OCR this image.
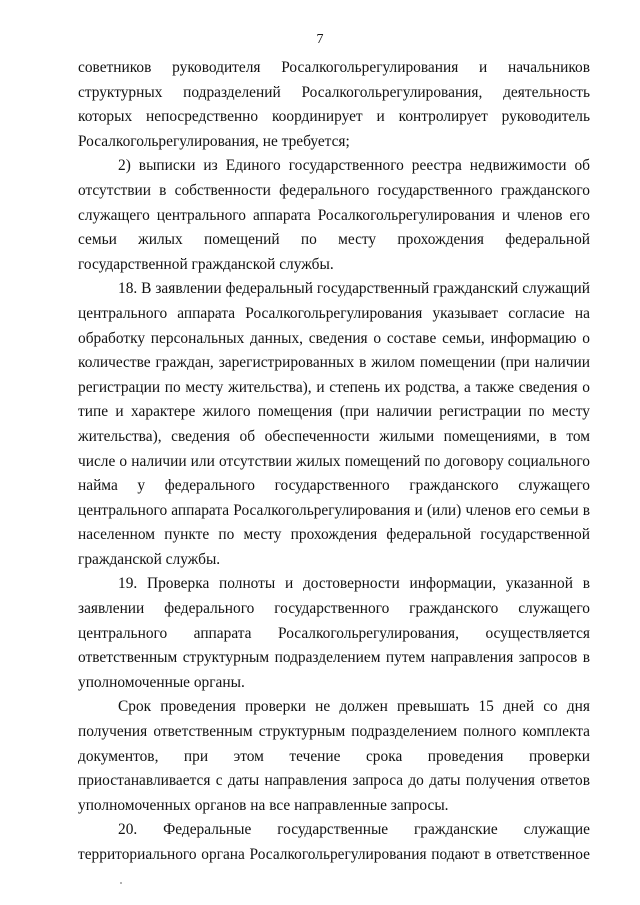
7

советников руководителя Росалкогольрегулирования и начальников структурных подразделений Росалкогольрегулирования, деятельность которых непосредственно координирует и контролирует руководитель Росалкогольрегулирования, не требуется;

2) выписки из Единого государственного реестра недвижимости об отсутствии в собственности федерального государственного гражданского служащего центрального аппарата Росалкогольрегулирования и членов его семьи жилых помещений по месту прохождения федеральной государственной гражданской службы.

18. В заявлении федеральный государственный гражданский служащий центрального аппарата Росалкогольрегулирования указывает согласие на обработку персональных данных, сведения о составе семьи, информацию о количестве граждан, зарегистрированных в жилом помещении (при наличии регистрации по месту жительства), и степень их родства, а также сведения о типе и характере жилого помещения (при наличии регистрации по месту жительства), сведения об обеспеченности жилыми помещениями, в том числе о наличии или отсутствии жилых помещений по договору социального найма у федерального государственного гражданского служащего центрального аппарата Росалкогольрегулирования и (или) членов его семьи в населенном пункте по месту прохождения федеральной государственной гражданской службы.

19. Проверка полноты и достоверности информации, указанной в заявлении федерального государственного гражданского служащего центрального аппарата Росалкогольрегулирования, осуществляется ответственным структурным подразделением путем направления запросов в уполномоченные органы.

Срок проведения проверки не должен превышать 15 дней со дня получения ответственным структурным подразделением полного комплекта документов, при этом течение срока проведения проверки приостанавливается с даты направления запроса до даты получения ответов уполномоченных органов на все направленные запросы.

20. Федеральные государственные гражданские служащие территориального органа Росалкогольрегулирования подают в ответственное
